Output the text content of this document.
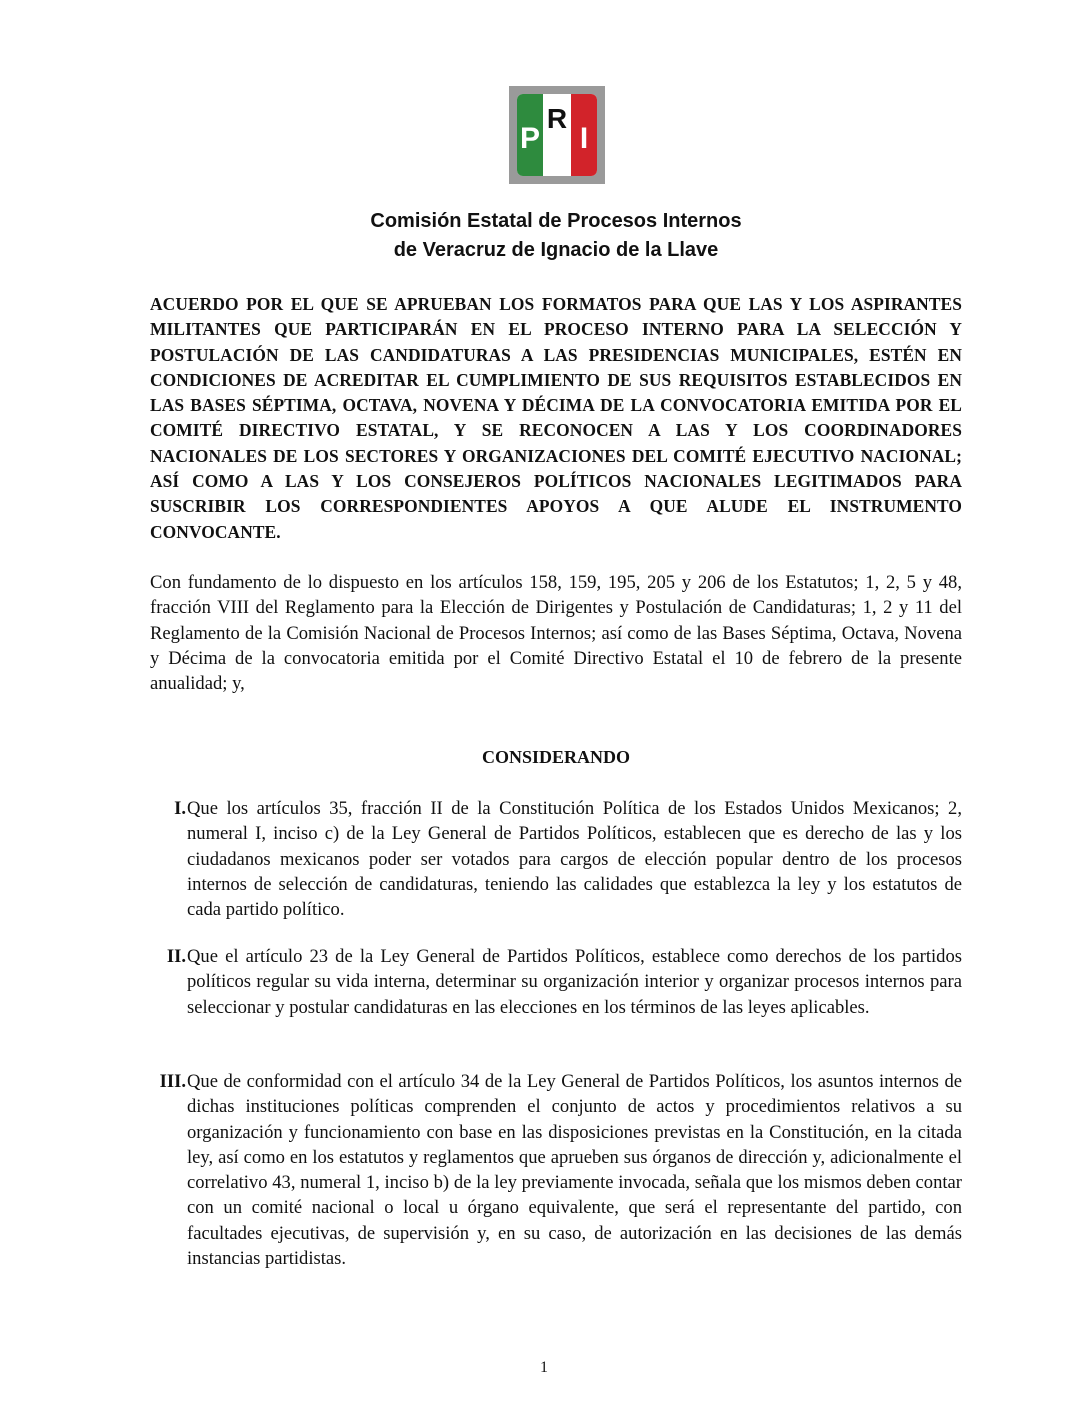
P
R
I
Comisión Estatal de Procesos Internos
de Veracruz de Ignacio de la Llave
ACUERDO POR EL QUE SE APRUEBAN LOS FORMATOS PARA QUE LAS Y LOS ASPIRANTES MILITANTES QUE PARTICIPARÁN EN EL PROCESO INTERNO PARA LA SELECCIÓN Y POSTULACIÓN DE LAS CANDIDATURAS A LAS PRESIDENCIAS MUNICIPALES, ESTÉN EN CONDICIONES DE ACREDITAR EL CUMPLIMIENTO DE SUS REQUISITOS ESTABLECIDOS EN LAS BASES SÉPTIMA, OCTAVA, NOVENA Y DÉCIMA DE LA CONVOCATORIA EMITIDA POR EL COMITÉ DIRECTIVO ESTATAL, Y SE RECONOCEN A LAS Y LOS COORDINADORES NACIONALES DE LOS SECTORES Y ORGANIZACIONES DEL COMITÉ EJECUTIVO NACIONAL; ASÍ COMO A LAS Y LOS CONSEJEROS POLÍTICOS NACIONALES LEGITIMADOS PARA SUSCRIBIR LOS CORRESPONDIENTES APOYOS A QUE ALUDE EL INSTRUMENTO CONVOCANTE.
Con fundamento de lo dispuesto en los artículos 158, 159, 195, 205 y 206 de los Estatutos; 1, 2, 5 y 48, fracción VIII del Reglamento para la Elección de Dirigentes y Postulación de Candidaturas; 1, 2 y 11 del Reglamento de la Comisión Nacional de Procesos Internos; así como de las Bases Séptima, Octava, Novena y Décima de la convocatoria emitida por el Comité Directivo Estatal el 10 de febrero de la presente anualidad; y,
CONSIDERANDO
I. Que los artículos 35, fracción II de la Constitución Política de los Estados Unidos Mexicanos; 2, numeral I, inciso c) de la Ley General de Partidos Políticos, establecen que es derecho de las y los ciudadanos mexicanos poder ser votados para cargos de elección popular dentro de los procesos internos de selección de candidaturas, teniendo las calidades que establezca la ley y los estatutos de cada partido político.
II. Que el artículo 23 de la Ley General de Partidos Políticos, establece como derechos de los partidos políticos regular su vida interna, determinar su organización interior y organizar procesos internos para seleccionar y postular candidaturas en las elecciones en los términos de las leyes aplicables.
III. Que de conformidad con el artículo 34 de la Ley General de Partidos Políticos, los asuntos internos de dichas instituciones políticas comprenden el conjunto de actos y procedimientos relativos a su organización y funcionamiento con base en las disposiciones previstas en la Constitución, en la citada ley, así como en los estatutos y reglamentos que aprueben sus órganos de dirección y, adicionalmente el correlativo 43, numeral 1, inciso b) de la ley previamente invocada, señala que los mismos deben contar con un comité nacional o local u órgano equivalente, que será el representante del partido, con facultades ejecutivas, de supervisión y, en su caso, de autorización en las decisiones de las demás instancias partidistas.
1
